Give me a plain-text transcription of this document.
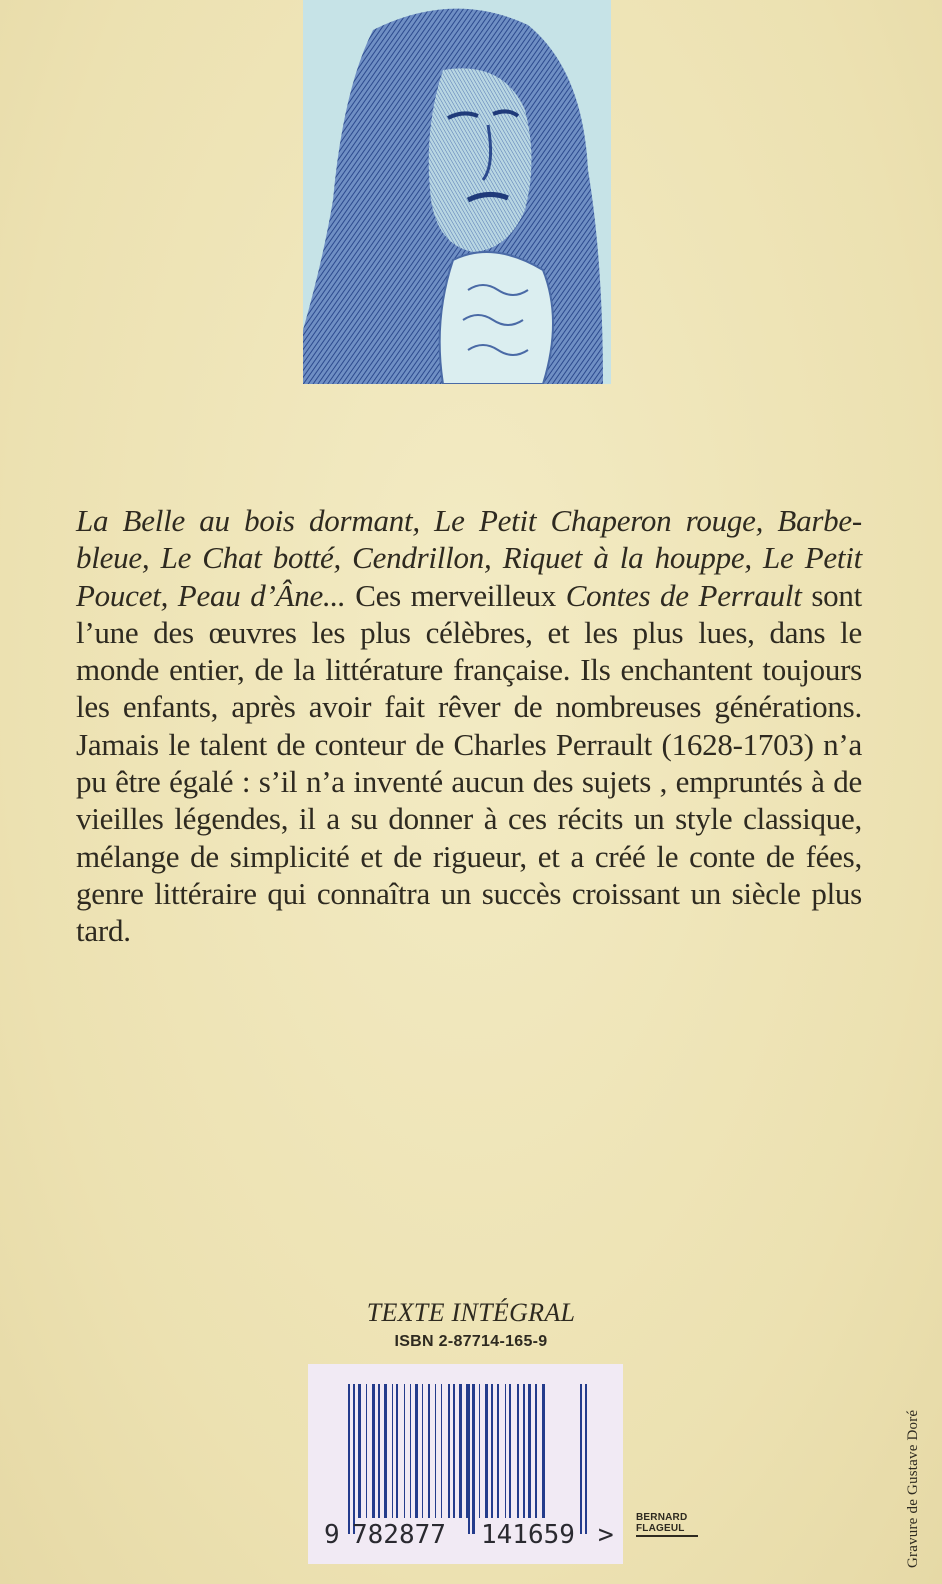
La Belle au bois dormant, Le Petit Chaperon rouge, Barbe-bleue, Le Chat botté, Cendrillon, Riquet à la houppe, Le Petit Poucet, Peau d’Âne... Ces merveilleux Contes de Perrault sont l’une des œuvres les plus célèbres, et les plus lues, dans le monde entier, de la littérature française. Ils enchantent toujours les enfants, après avoir fait rêver de nombreuses générations. Jamais le talent de conteur de Charles Perrault (1628-1703) n’a pu être égalé : s’il n’a inventé aucun des sujets , empruntés à de vieilles légendes, il a su donner à ces récits un style classique, mélange de simplicité et de rigueur, et a créé le conte de fées, genre littéraire qui connaîtra un succès croissant un siècle plus tard.

TEXTE INTÉGRAL
ISBN 2-87714-165-9
9 782877 141659 >
BERNARD
FLAGEUL	Gravure de Gustave Doré
